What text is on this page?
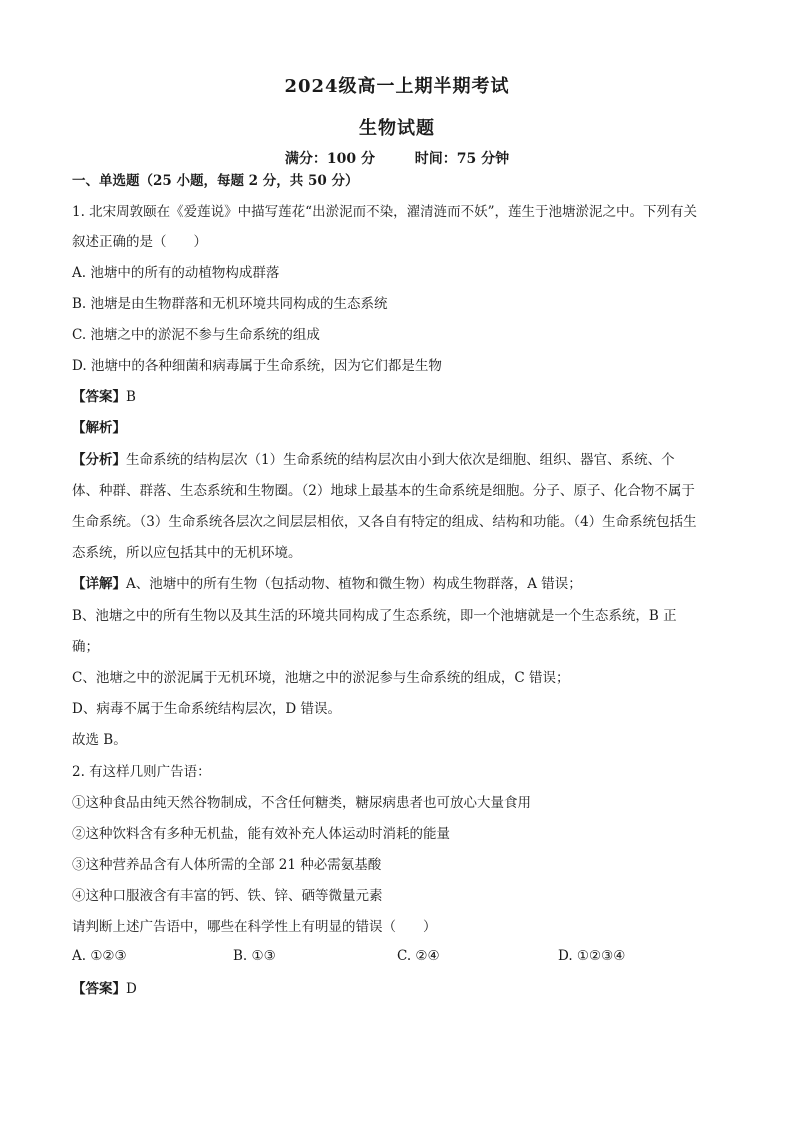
2024级高一上期半期考试
生物试题
满分：100 分	时间：75 分钟
一、单选题（25 小题，每题 2 分，共 50 分）
1. 北宋周敦颐在《爱莲说》中描写莲花“出淤泥而不染，濯清涟而不妖”，莲生于池塘淤泥之中。下列有关
叙述正确的是（　　）
A. 池塘中的所有的动植物构成群落
B. 池塘是由生物群落和无机环境共同构成的生态系统
C. 池塘之中的淤泥不参与生命系统的组成
D. 池塘中的各种细菌和病毒属于生命系统，因为它们都是生物
【答案】B
【解析】
【分析】生命系统的结构层次（1）生命系统的结构层次由小到大依次是细胞、组织、器官、系统、个
体、种群、群落、生态系统和生物圈。（2）地球上最基本的生命系统是细胞。分子、原子、化合物不属于
生命系统。（3）生命系统各层次之间层层相依，又各自有特定的组成、结构和功能。（4）生命系统包括生
态系统，所以应包括其中的无机环境。
【详解】A、池塘中的所有生物（包括动物、植物和微生物）构成生物群落，A 错误；
B、池塘之中的所有生物以及其生活的环境共同构成了生态系统，即一个池塘就是一个生态系统，B 正
确；
C、池塘之中的淤泥属于无机环境，池塘之中的淤泥参与生命系统的组成，C 错误；
D、病毒不属于生命系统结构层次，D 错误。
故选 B。
2. 有这样几则广告语：
①这种食品由纯天然谷物制成，不含任何糖类，糖尿病患者也可放心大量食用
②这种饮料含有多种无机盐，能有效补充人体运动时消耗的能量
③这种营养品含有人体所需的全部 21 种必需氨基酸
④这种口服液含有丰富的钙、铁、锌、硒等微量元素
请判断上述广告语中，哪些在科学性上有明显的错误（　　）
A. ①②③	B. ①③	C. ②④	D. ①②③④
【答案】D
